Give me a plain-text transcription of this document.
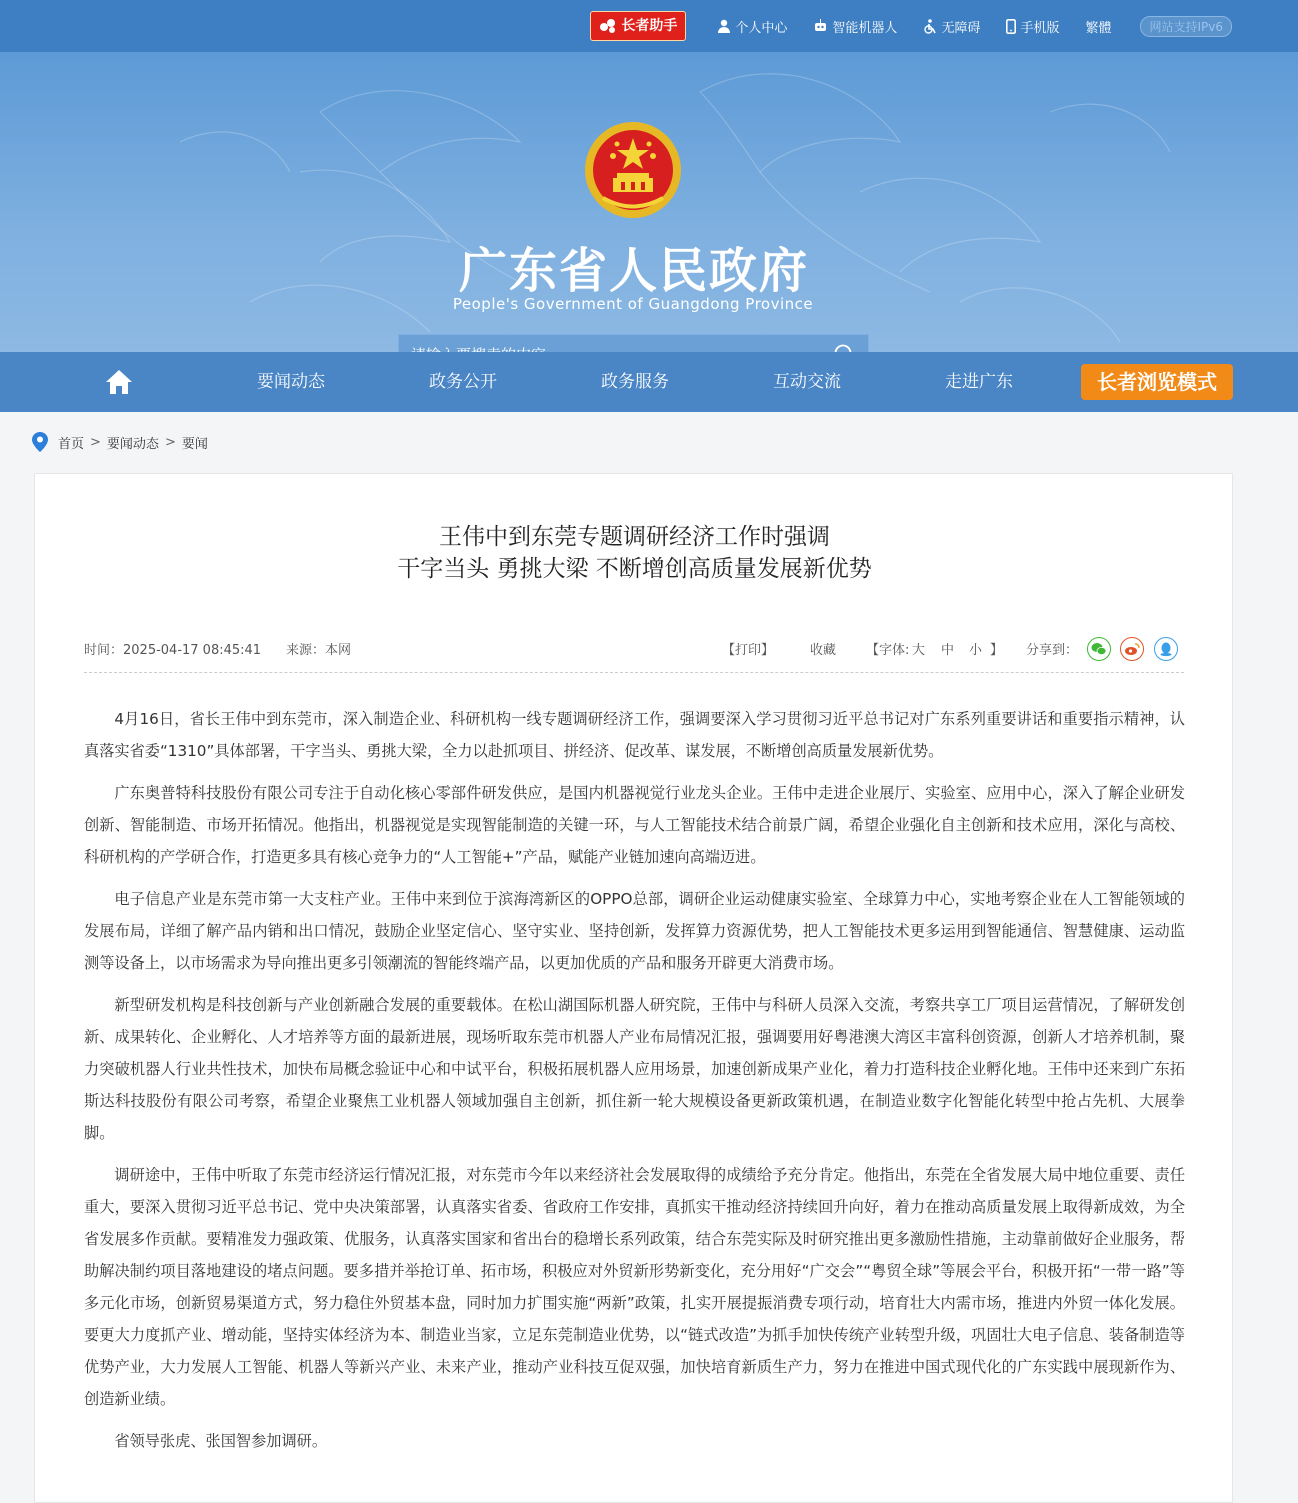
长者助手	个人中心	智能机器人	无障碍	手机版 繁體	网站支持IPv6
广东省人民政府
People's Government of Guangdong Province
请输入要搜索的内容
要闻动态	政务公开	政务服务	互动交流	走进广东	长者浏览模式
首页 > 要闻动态 > 要闻
王伟中到东莞专题调研经济工作时强调
干字当头 勇挑大梁 不断增创高质量发展新优势
时间：2025-04-17 08:45:41 来源：本网	【打印】	收藏 【字体: 大 中 小 】 分享到：

4月16日，省长王伟中到东莞市，深入制造企业、科研机构一线专题调研经济工作，强调要深入学习贯彻习近平总书记对广东系列重要讲话和重要指示精神，认真落实省委“1310”具体部署，干字当头、勇挑大梁，全力以赴抓项目、拼经济、促改革、谋发展，不断增创高质量发展新优势。

广东奥普特科技股份有限公司专注于自动化核心零部件研发供应，是国内机器视觉行业龙头企业。王伟中走进企业展厅、实验室、应用中心，深入了解企业研发创新、智能制造、市场开拓情况。他指出，机器视觉是实现智能制造的关键一环，与人工智能技术结合前景广阔，希望企业强化自主创新和技术应用，深化与高校、科研机构的产学研合作，打造更多具有核心竞争力的“人工智能+”产品，赋能产业链加速向高端迈进。

电子信息产业是东莞市第一大支柱产业。王伟中来到位于滨海湾新区的OPPO总部，调研企业运动健康实验室、全球算力中心，实地考察企业在人工智能领域的发展布局，详细了解产品内销和出口情况，鼓励企业坚定信心、坚守实业、坚持创新，发挥算力资源优势，把人工智能技术更多运用到智能通信、智慧健康、运动监测等设备上，以市场需求为导向推出更多引领潮流的智能终端产品，以更加优质的产品和服务开辟更大消费市场。

新型研发机构是科技创新与产业创新融合发展的重要载体。在松山湖国际机器人研究院，王伟中与科研人员深入交流，考察共享工厂项目运营情况，了解研发创新、成果转化、企业孵化、人才培养等方面的最新进展，现场听取东莞市机器人产业布局情况汇报，强调要用好粤港澳大湾区丰富科创资源，创新人才培养机制，聚力突破机器人行业共性技术，加快布局概念验证中心和中试平台，积极拓展机器人应用场景，加速创新成果产业化，着力打造科技企业孵化地。王伟中还来到广东拓斯达科技股份有限公司考察，希望企业聚焦工业机器人领域加强自主创新，抓住新一轮大规模设备更新政策机遇，在制造业数字化智能化转型中抢占先机、大展拳脚。

调研途中，王伟中听取了东莞市经济运行情况汇报，对东莞市今年以来经济社会发展取得的成绩给予充分肯定。他指出，东莞在全省发展大局中地位重要、责任重大，要深入贯彻习近平总书记、党中央决策部署，认真落实省委、省政府工作安排，真抓实干推动经济持续回升向好，着力在推动高质量发展上取得新成效，为全省发展多作贡献。要精准发力强政策、优服务，认真落实国家和省出台的稳增长系列政策，结合东莞实际及时研究推出更多激励性措施，主动靠前做好企业服务，帮助解决制约项目落地建设的堵点问题。要多措并举抢订单、拓市场，积极应对外贸新形势新变化，充分用好“广交会”“粤贸全球”等展会平台，积极开拓“一带一路”等多元化市场，创新贸易渠道方式，努力稳住外贸基本盘，同时加力扩围实施“两新”政策，扎实开展提振消费专项行动，培育壮大内需市场，推进内外贸一体化发展。要更大力度抓产业、增动能，坚持实体经济为本、制造业当家，立足东莞制造业优势，以“链式改造”为抓手加快传统产业转型升级，巩固壮大电子信息、装备制造等优势产业，大力发展人工智能、机器人等新兴产业、未来产业，推动产业科技互促双强，加快培育新质生产力，努力在推进中国式现代化的广东实践中展现新作为、创造新业绩。

省领导张虎、张国智参加调研。
